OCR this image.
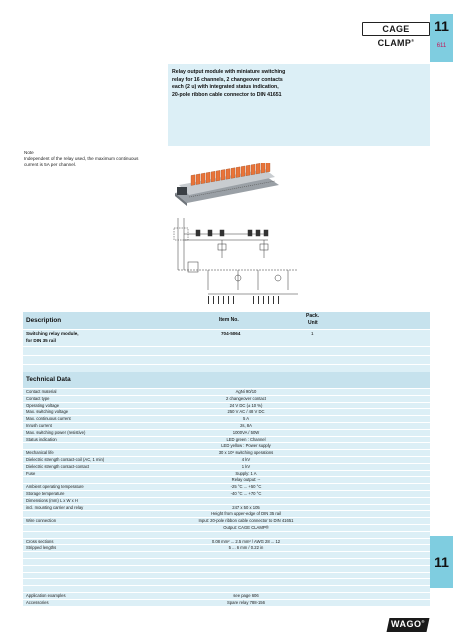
CAGE CLAMP®
11
611
Relay output module with miniature switching
relay for 16 channels, 2 changeover contacts
each (2 u) with integrated status indication,
20-pole ribbon cable connector to DIN 41651
Note
Independent of the relay used, the maximum continuous
current is 5A per channel.
Description	Item No.
Pack.
Unit
Switching relay module,
for DIN 35 rail
704-5064	1
Technical Data
Contact material	AgNi 90/10
Contact type	2 changeover contact
Operating voltage	24 V DC (± 10 %)
Max. switching voltage	250 V AC / 48 V DC
Max. continuous current	5 A
Inrush current	2s, 8A
Max. switching power (resistive)	1000VA / 50W
Status indication	LED green : Channel
LED yellow : Power supply
Mechanical life	30 x 10⁶ switching operations
Dielectric strength contact-coil (AC, 1 min)	4 kV
Dielectric strength contact-contact	1 kV
Fuse	Supply: 1 A
Relay output: --
Ambient operating temperature	-25 °C ... +50 °C
Storage temperature	-40 °C ... +70 °C
Dimensions (mm) L x W x H
incl. mounting carrier and relay	247 x 50 x 105
Height from upper-edge of DIN 35 rail
Wire connection	Input: 20-pole ribbon cable connector to DIN 41651
Output: CAGE CLAMP®
Cross sections	0.08 mm² ... 2.5 mm² / AWG 28 ... 12
Stripped lengths	5 ... 6 mm / 0.22 in
Application examples	see page 606
Accessories	Spare relay 788-156
11
WAGO®
